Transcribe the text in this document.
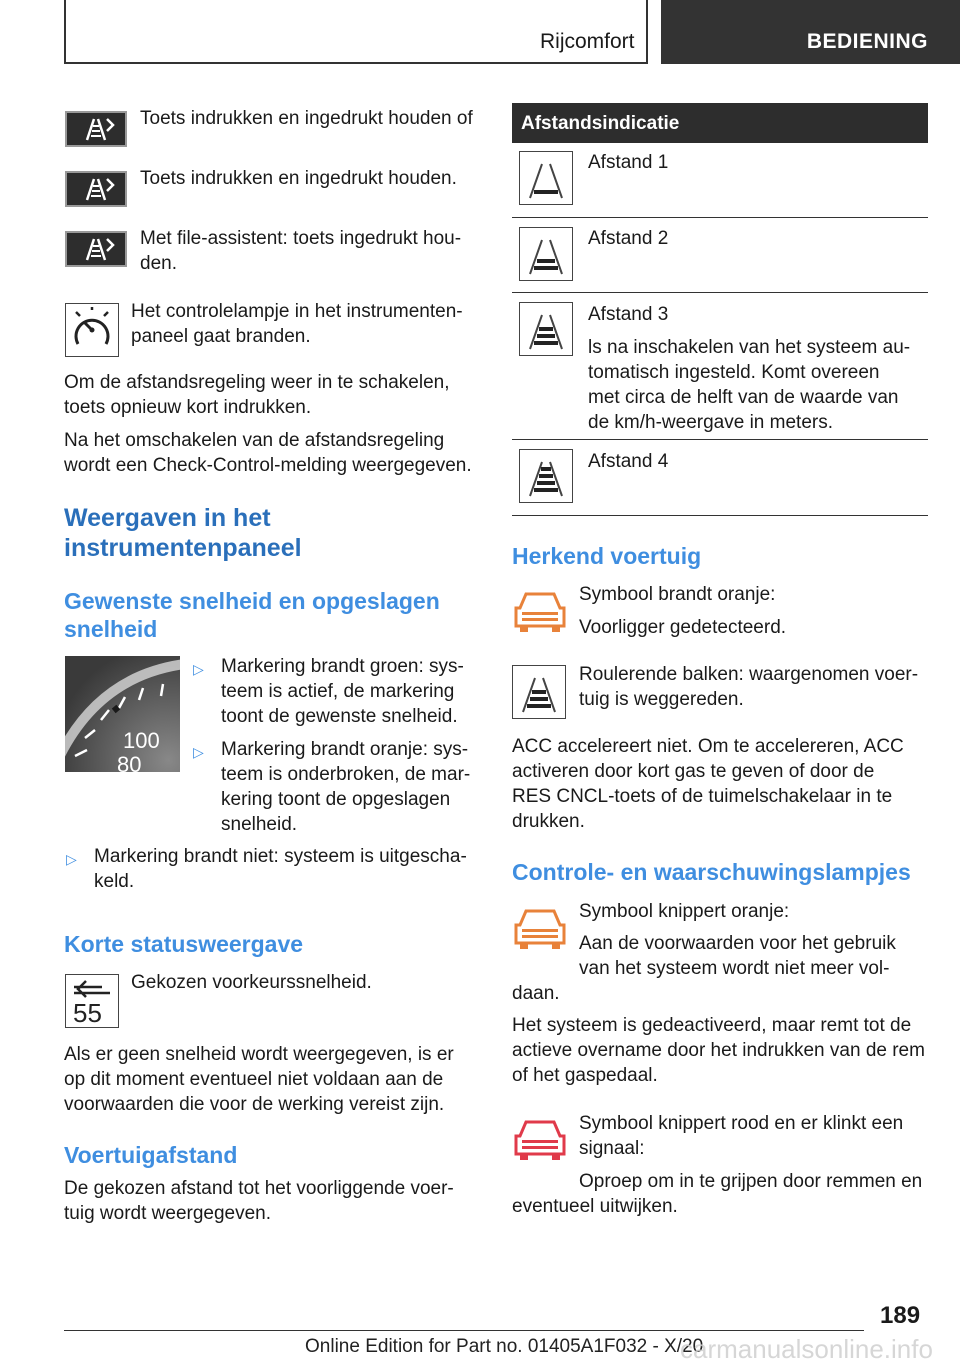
Rijcomfort	BEDIENING
Toets indrukken en ingedrukt houden of
Toets indrukken en ingedrukt houden.
Met file-assistent: toets ingedrukt hou-
den.
Het controlelampje in het instrumenten-
paneel gaat branden.
Om de afstandsregeling weer in te schakelen,
toets opnieuw kort indrukken.
Na het omschakelen van de afstandsregeling
wordt een Check-Control-melding weergegeven.
Weergaven in het
instrumentenpaneel
Gewenste snelheid en opgeslagen
snelheid
100
80
▷ Markering brandt groen: sys-
teem is actief, de markering
toont de gewenste snelheid.
▷ Markering brandt oranje: sys-
teem is onderbroken, de mar-
kering toont de opgeslagen
snelheid.
▷ Markering brandt niet: systeem is uitgescha-
keld.
Korte statusweergave
55
Gekozen voorkeurssnelheid.
Als er geen snelheid wordt weergegeven, is er
op dit moment eventueel niet voldaan aan de
voorwaarden die voor de werking vereist zijn.
Voertuigafstand
De gekozen afstand tot het voorliggende voer-
tuig wordt weergegeven.
Afstandsindicatie
Afstand 1
Afstand 2
Afstand 3
ls na inschakelen van het systeem au-
tomatisch ingesteld. Komt overeen
met circa de helft van de waarde van
de km/h-weergave in meters.
Afstand 4
Herkend voertuig
Symbool brandt oranje:
Voorligger gedetecteerd.
Roulerende balken: waargenomen voer-
tuig is weggereden.
ACC accelereert niet. Om te accelereren, ACC
activeren door kort gas te geven of door de
RES CNCL-toets of de tuimelschakelaar in te
drukken.
Controle- en waarschuwingslampjes
Symbool knippert oranje:
Aan de voorwaarden voor het gebruik
van het systeem wordt niet meer vol-
daan.
Het systeem is gedeactiveerd, maar remt tot de
actieve overname door het indrukken van de rem
of het gaspedaal.
Symbool knippert rood en er klinkt een
signaal:
Oproep om in te grijpen door remmen en
eventueel uitwijken.
189
Online Edition for Part no. 01405A1F032 - X/20
carmanualsonline.info
